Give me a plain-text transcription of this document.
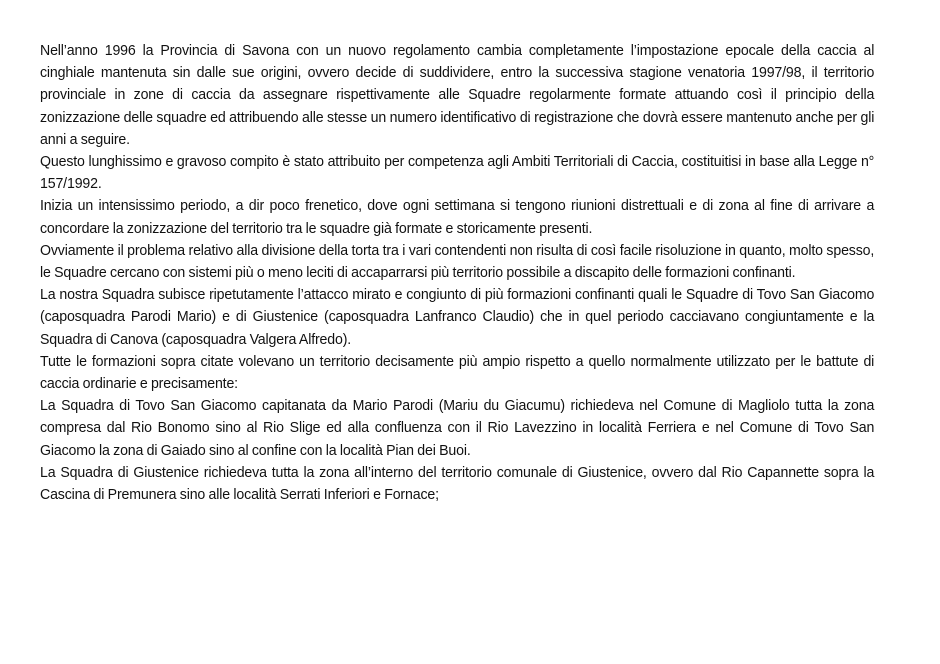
Nell’anno 1996 la Provincia di Savona con un nuovo regolamento cambia completamente l’impostazione epocale della caccia al cinghiale mantenuta sin dalle sue origini, ovvero decide di suddividere, entro la successiva stagione venatoria 1997/98, il territorio provinciale in zone di caccia da assegnare rispettivamente alle Squadre regolarmente formate attuando così il principio della zonizzazione delle squadre ed attribuendo alle stesse un numero identificativo di registrazione che dovrà essere mantenuto anche per gli anni a seguire.

Questo lunghissimo e gravoso compito è stato attribuito per competenza agli Ambiti Territoriali di Caccia, costituitisi in base alla Legge n° 157/1992.

Inizia un intensissimo periodo, a dir poco frenetico, dove ogni settimana si tengono riunioni distrettuali e di zona al fine di arrivare a concordare la zonizzazione del territorio tra le squadre già formate e storicamente presenti.

Ovviamente il problema relativo alla divisione della torta tra i vari contendenti non risulta di così facile risoluzione in quanto, molto spesso, le Squadre cercano con sistemi più o meno leciti di accaparrarsi più territorio possibile a discapito delle formazioni confinanti.

La nostra Squadra subisce ripetutamente l’attacco mirato e congiunto di più formazioni confinanti quali le Squadre di Tovo San Giacomo (caposquadra Parodi Mario) e di Giustenice (caposquadra Lanfranco Claudio) che in quel periodo cacciavano congiuntamente e la Squadra di Canova (caposquadra Valgera Alfredo).

Tutte le formazioni sopra citate volevano un territorio decisamente più ampio rispetto a quello normalmente utilizzato per le battute di caccia ordinarie e precisamente:

La Squadra di Tovo San Giacomo capitanata da Mario Parodi (Mariu du Giacumu) richiedeva nel Comune di Magliolo tutta la zona compresa dal Rio Bonomo sino al Rio Slige ed alla confluenza con il Rio Lavezzino in località Ferriera e nel Comune di Tovo San Giacomo la zona di Gaiado sino al confine con la località Pian dei Buoi.

La Squadra di Giustenice richiedeva tutta la zona all’interno del territorio comunale di Giustenice, ovvero dal Rio Capannette sopra la Cascina di Premunera sino alle località Serrati Inferiori e Fornace;
